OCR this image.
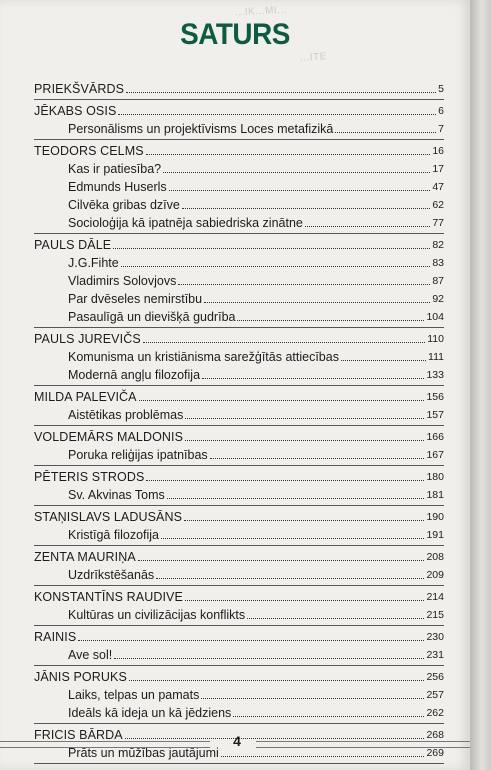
...IK...MI...
...ITE
SATURS
PRIEKŠVĀRDS	5
JĒKABS OSIS	6
Personālisms un projektīvisms Loces metafizikā	7
TEODORS CELMS	16
Kas ir patiesība?	17
Edmunds Huserls	47
Cilvēka gribas dzīve	62
Socioloģija kā ipatnēja sabiedriska zinātne	77
PAULS DĀLE	82
J.G.Fihte	83
Vladimirs Solovjovs	87
Par dvēseles nemirstību	92
Pasaulīgā un dievišķā gudrība	104
PAULS JUREVIČS	110
Komunisma un kristiānisma sarežģītās attiecības	111
Modernā angļu filozofija	133
MILDA PALEVIČA	156
Aistētikas problēmas	157
VOLDEMĀRS MALDONIS	166
Poruka reliģijas ipatnības	167
PĒTERIS STRODS	180
Sv. Akvinas Toms	181
STAŅISLAVS LADUSĀNS	190
Kristīgā filozofija	191
ZENTA MAURIŅA	208
Uzdrīkstēšanās	209
KONSTANTĪNS RAUDIVE	214
Kultūras un civilizācijas konflikts	215
RAINIS	230
Ave sol!	231
JĀNIS PORUKS	256
Laiks, telpas un pamats	257
Ideāls kā ideja un kā jēdziens	262
FRICIS BĀRDA	268
Prāts un mūžības jautājumi	269
4
